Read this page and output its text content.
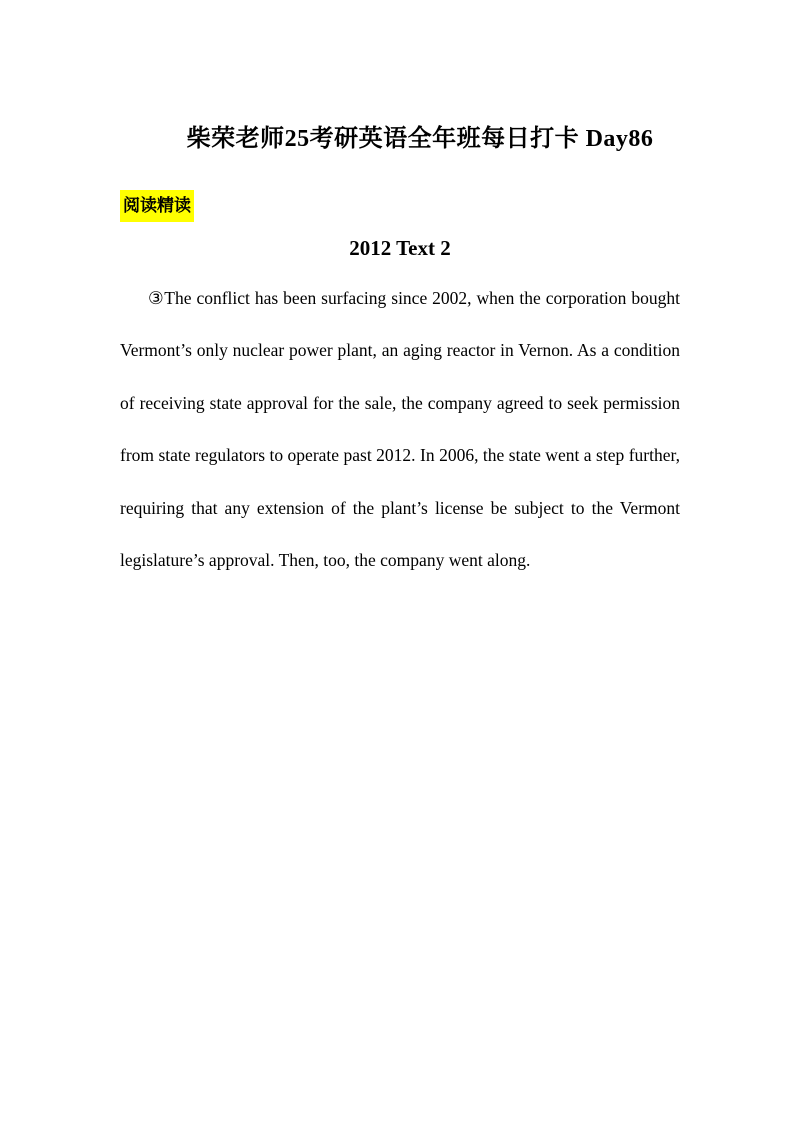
柴荣老师25考研英语全年班每日打卡 Day86
阅读精读
2012 Text 2

③The conflict has been surfacing since 2002, when the corporation bought Vermont’s only nuclear power plant, an aging reactor in Vernon. As a condition of receiving state approval for the sale, the company agreed to seek permission from state regulators to operate past 2012. In 2006, the state went a step further, requiring that any extension of the plant’s license be subject to the Vermont legislature’s approval. Then, too, the company went along.
